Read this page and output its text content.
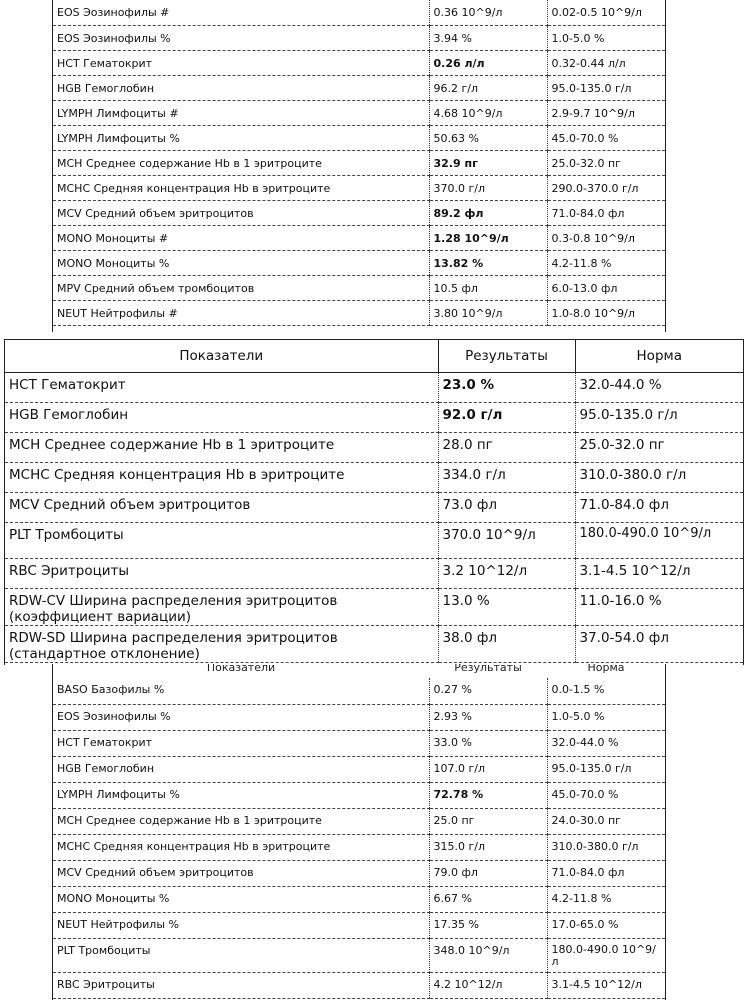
EOS Эозинофилы #	0.36 10^9/л	0.02-0.5 10^9/л
EOS Эозинофилы %	3.94 %	1.0-5.0 %
HCT Гематокрит	0.26 л/л	0.32-0.44 л/л
HGB Гемоглобин	96.2 г/л	95.0-135.0 г/л
LYMPH Лимфоциты #	4.68 10^9/л	2.9-9.7 10^9/л
LYMPH Лимфоциты %	50.63 %	45.0-70.0 %
MCH Среднее содержание Hb в 1 эритроците	32.9 пг	25.0-32.0 пг
MCHC Средняя концентрация Hb в эритроците	370.0 г/л	290.0-370.0 г/л
MCV Средний объем эритроцитов	89.2 фл	71.0-84.0 фл
MONO Моноциты #	1.28 10^9/л	0.3-0.8 10^9/л
MONO Моноциты %	13.82 %	4.2-11.8 %
MPV Средний объем тромбоцитов	10.5 фл	6.0-13.0 фл
NEUT Нейтрофилы #	3.80 10^9/л	1.0-8.0 10^9/л
Показатели	Результаты	Норма
HCT Гематокрит	23.0 %	32.0-44.0 %
HGB Гемоглобин	92.0 г/л	95.0-135.0 г/л
MCH Среднее содержание Hb в 1 эритроците	28.0 пг	25.0-32.0 пг
MCHC Средняя концентрация Hb в эритроците	334.0 г/л	310.0-380.0 г/л
MCV Средний объем эритроцитов	73.0 фл	71.0-84.0 фл
PLT Тромбоциты	370.0 10^9/л	180.0-490.0 10^9/л
RBC Эритроциты	3.2 10^12/л	3.1-4.5 10^12/л
RDW-CV Ширина распределения эритроцитов (коэффициент вариации)	13.0 %	11.0-16.0 %
RDW-SD Ширина распределения эритроцитов (стандартное отклонение)	38.0 фл	37.0-54.0 фл
Показатели	Результаты	Норма
BASO Базофилы %	0.27 %	0.0-1.5 %
EOS Эозинофилы %	2.93 %	1.0-5.0 %
HCT Гематокрит	33.0 %	32.0-44.0 %
HGB Гемоглобин	107.0 г/л	95.0-135.0 г/л
LYMPH Лимфоциты %	72.78 %	45.0-70.0 %
MCH Среднее содержание Hb в 1 эритроците	25.0 пг	24.0-30.0 пг
MCHC Средняя концентрация Hb в эритроците	315.0 г/л	310.0-380.0 г/л
MCV Средний объем эритроцитов	79.0 фл	71.0-84.0 фл
MONO Моноциты %	6.67 %	4.2-11.8 %
NEUT Нейтрофилы %	17.35 %	17.0-65.0 %
PLT Тромбоциты	348.0 10^9/л	180.0-490.0 10^9/л
RBC Эритроциты	4.2 10^12/л	3.1-4.5 10^12/л
